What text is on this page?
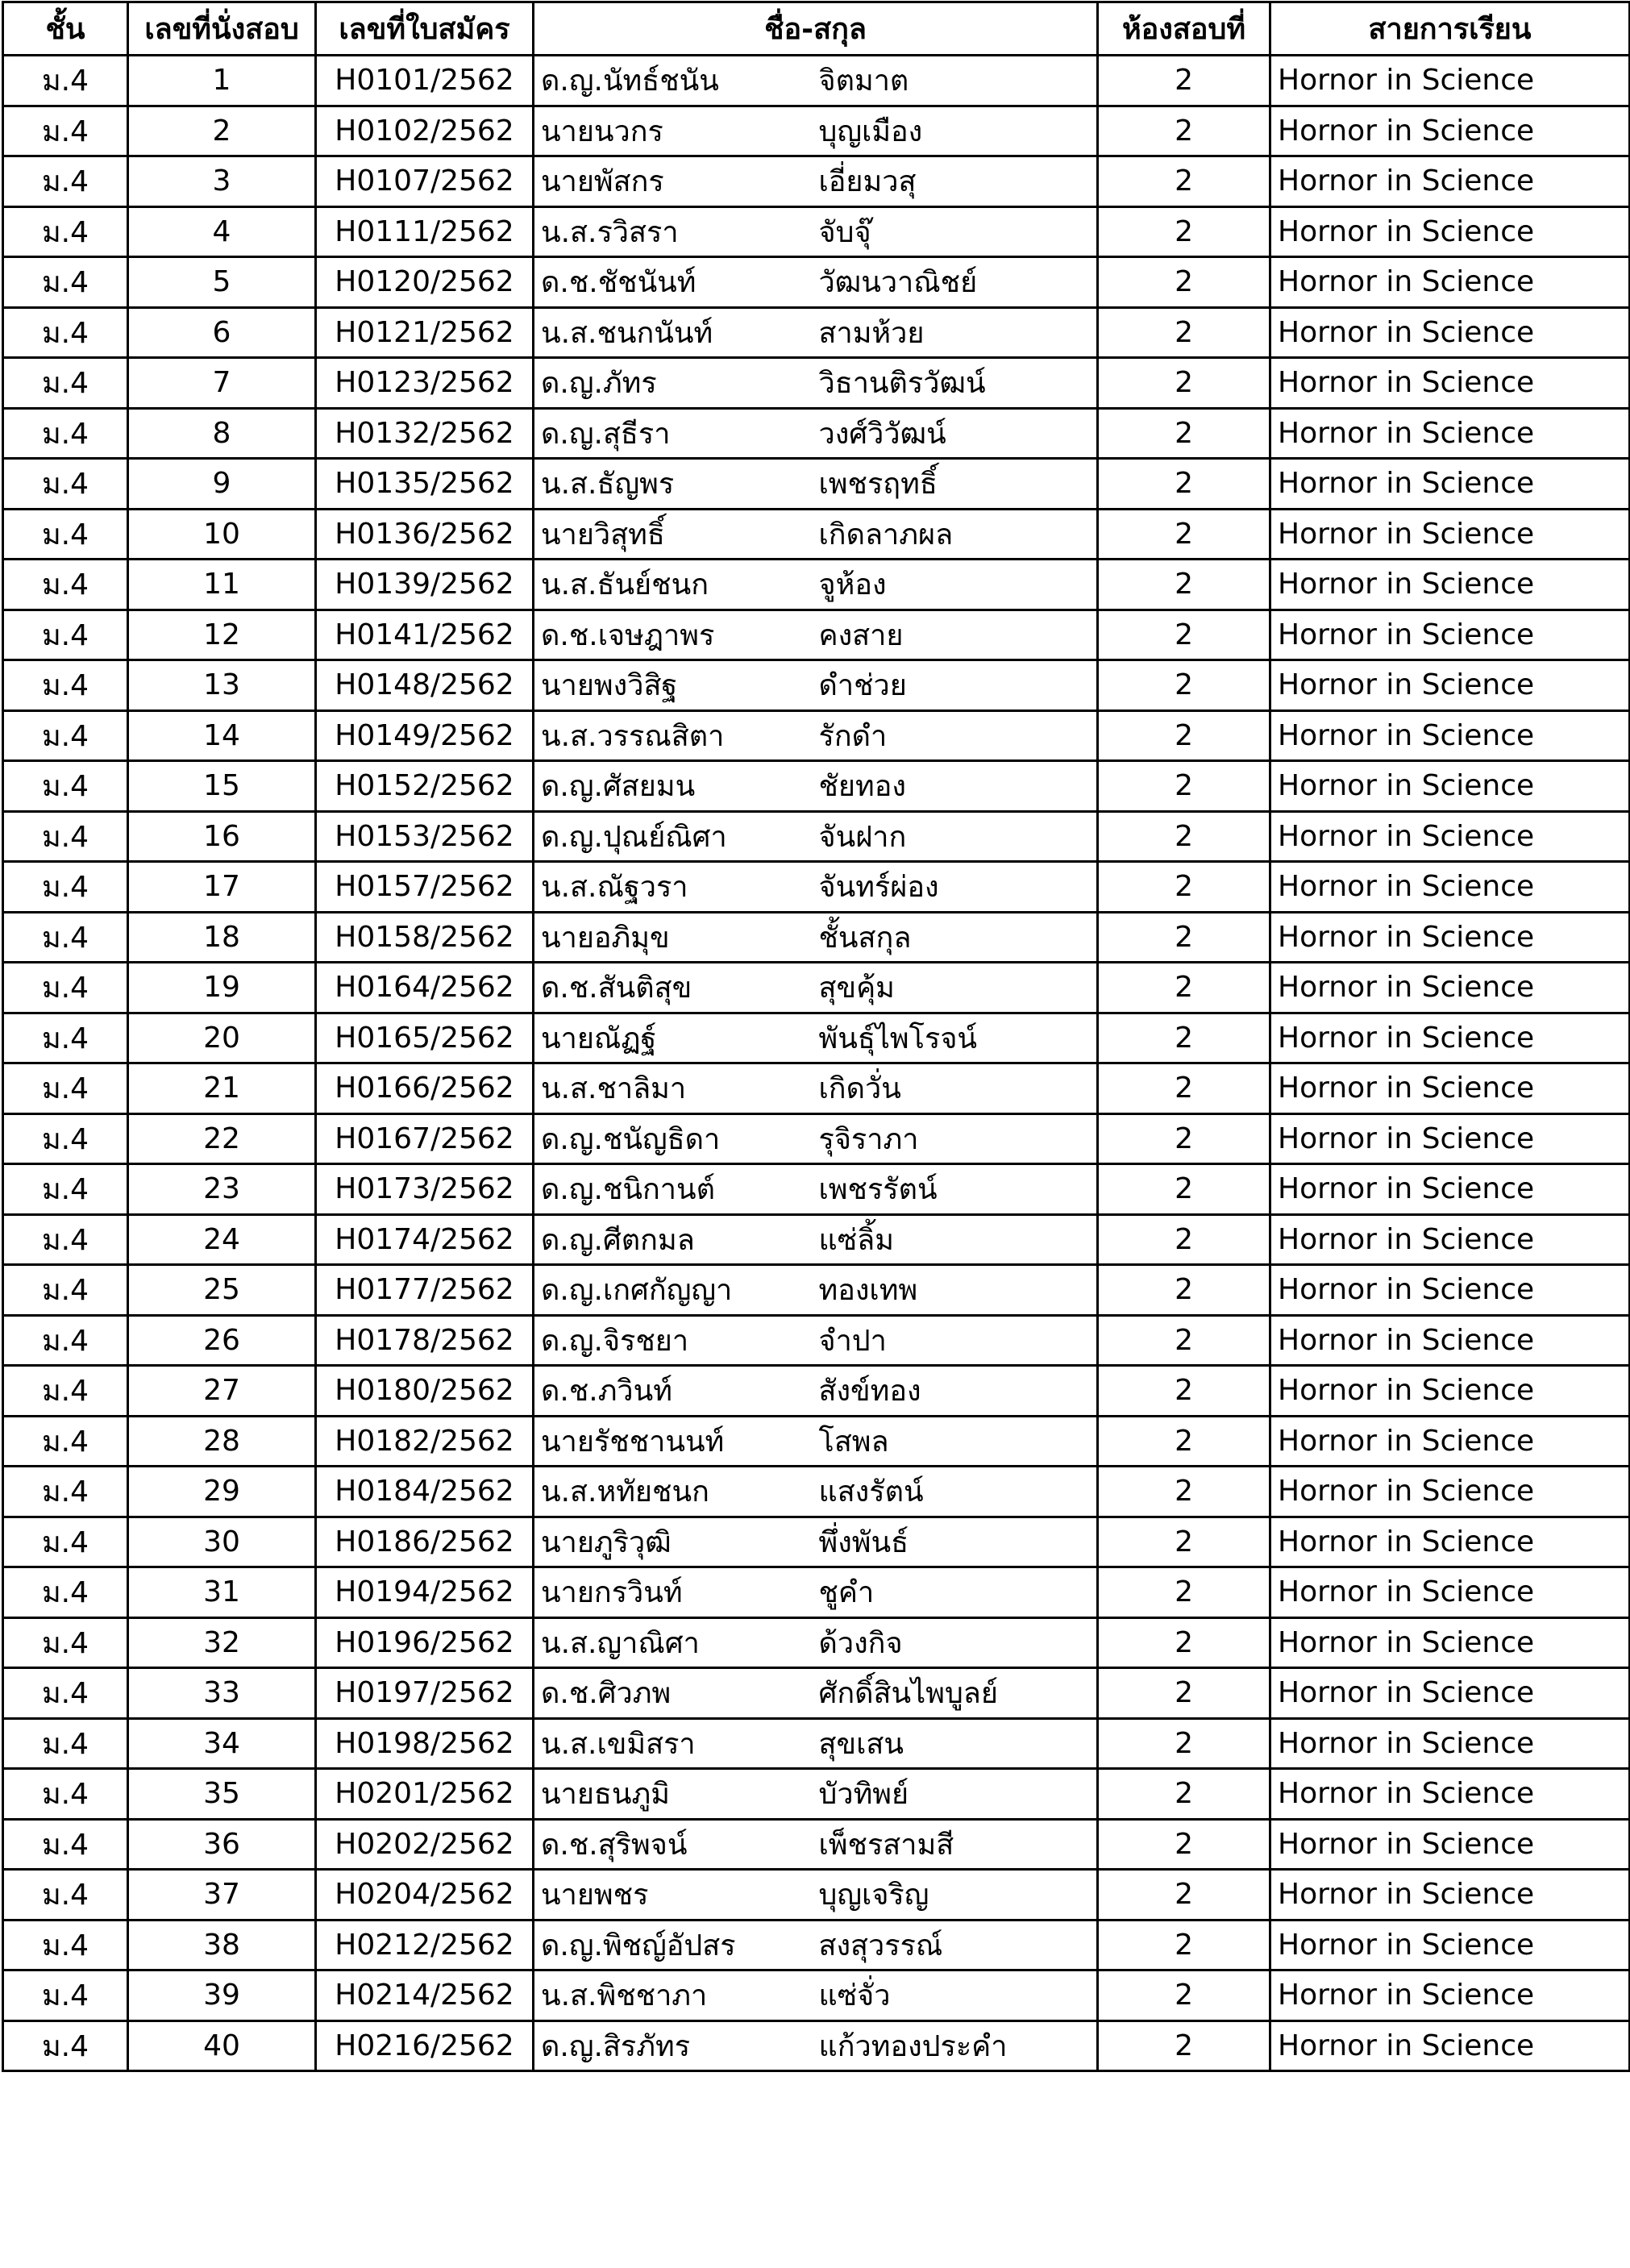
ชั้น	เลขที่นั่งสอบ	เลขที่ใบสมัคร	ชื่อ-สกุล		ห้องสอบที่	สายการเรียน
ม.4	1	H0101/2562	ด.ญ.นัทธ์ชนัน	จิตมาต	2	Hornor in Science
ม.4	2	H0102/2562	นายนวกร	บุญเมือง	2	Hornor in Science
ม.4	3	H0107/2562	นายพัสกร	เอี่ยมวสุ	2	Hornor in Science
ม.4	4	H0111/2562	น.ส.รวิสรา	จับจุ๊	2	Hornor in Science
ม.4	5	H0120/2562	ด.ช.ชัชนันท์	วัฒนวาณิชย์	2	Hornor in Science
ม.4	6	H0121/2562	น.ส.ชนกนันท์	สามห้วย	2	Hornor in Science
ม.4	7	H0123/2562	ด.ญ.ภัทร	วิธานติรวัฒน์	2	Hornor in Science
ม.4	8	H0132/2562	ด.ญ.สุธีรา	วงศ์วิวัฒน์	2	Hornor in Science
ม.4	9	H0135/2562	น.ส.ธัญพร	เพชรฤทธิ์	2	Hornor in Science
ม.4	10	H0136/2562	นายวิสุทธิ์	เกิดลาภผล	2	Hornor in Science
ม.4	11	H0139/2562	น.ส.ธันย์ชนก	จูห้อง	2	Hornor in Science
ม.4	12	H0141/2562	ด.ช.เจษฎาพร	คงสาย	2	Hornor in Science
ม.4	13	H0148/2562	นายพงวิสิฐ	ดำช่วย	2	Hornor in Science
ม.4	14	H0149/2562	น.ส.วรรณสิตา	รักดำ	2	Hornor in Science
ม.4	15	H0152/2562	ด.ญ.ศัสยมน	ชัยทอง	2	Hornor in Science
ม.4	16	H0153/2562	ด.ญ.ปุณย์ณิศา	จันฝาก	2	Hornor in Science
ม.4	17	H0157/2562	น.ส.ณัฐวรา	จันทร์ผ่อง	2	Hornor in Science
ม.4	18	H0158/2562	นายอภิมุข	ชั้นสกุล	2	Hornor in Science
ม.4	19	H0164/2562	ด.ช.สันติสุข	สุขคุ้ม	2	Hornor in Science
ม.4	20	H0165/2562	นายณัฏฐ์	พันธุ์ไพโรจน์	2	Hornor in Science
ม.4	21	H0166/2562	น.ส.ชาลิมา	เกิดวั่น	2	Hornor in Science
ม.4	22	H0167/2562	ด.ญ.ชนัญธิดา	รุจิราภา	2	Hornor in Science
ม.4	23	H0173/2562	ด.ญ.ชนิกานต์	เพชรรัตน์	2	Hornor in Science
ม.4	24	H0174/2562	ด.ญ.ศีตกมล	แซ่ลิ้ม	2	Hornor in Science
ม.4	25	H0177/2562	ด.ญ.เกศกัญญา	ทองเทพ	2	Hornor in Science
ม.4	26	H0178/2562	ด.ญ.จิรชยา	จำปา	2	Hornor in Science
ม.4	27	H0180/2562	ด.ช.ภวินท์	สังข์ทอง	2	Hornor in Science
ม.4	28	H0182/2562	นายรัชชานนท์	โสพล	2	Hornor in Science
ม.4	29	H0184/2562	น.ส.หทัยชนก	แสงรัตน์	2	Hornor in Science
ม.4	30	H0186/2562	นายภูริวุฒิ	พึ่งพันธ์	2	Hornor in Science
ม.4	31	H0194/2562	นายกรวินท์	ชูคำ	2	Hornor in Science
ม.4	32	H0196/2562	น.ส.ญาณิศา	ด้วงกิจ	2	Hornor in Science
ม.4	33	H0197/2562	ด.ช.ศิวภพ	ศักดิ์สินไพบูลย์	2	Hornor in Science
ม.4	34	H0198/2562	น.ส.เขมิสรา	สุขเสน	2	Hornor in Science
ม.4	35	H0201/2562	นายธนภูมิ	บัวทิพย์	2	Hornor in Science
ม.4	36	H0202/2562	ด.ช.สุริพจน์	เพ็ชรสามสี	2	Hornor in Science
ม.4	37	H0204/2562	นายพชร	บุญเจริญ	2	Hornor in Science
ม.4	38	H0212/2562	ด.ญ.พิชญ์อัปสร	สงสุวรรณ์	2	Hornor in Science
ม.4	39	H0214/2562	น.ส.พิชชาภา	แซ่จั่ว	2	Hornor in Science
ม.4	40	H0216/2562	ด.ญ.สิรภัทร	แก้วทองประคำ	2	Hornor in Science
